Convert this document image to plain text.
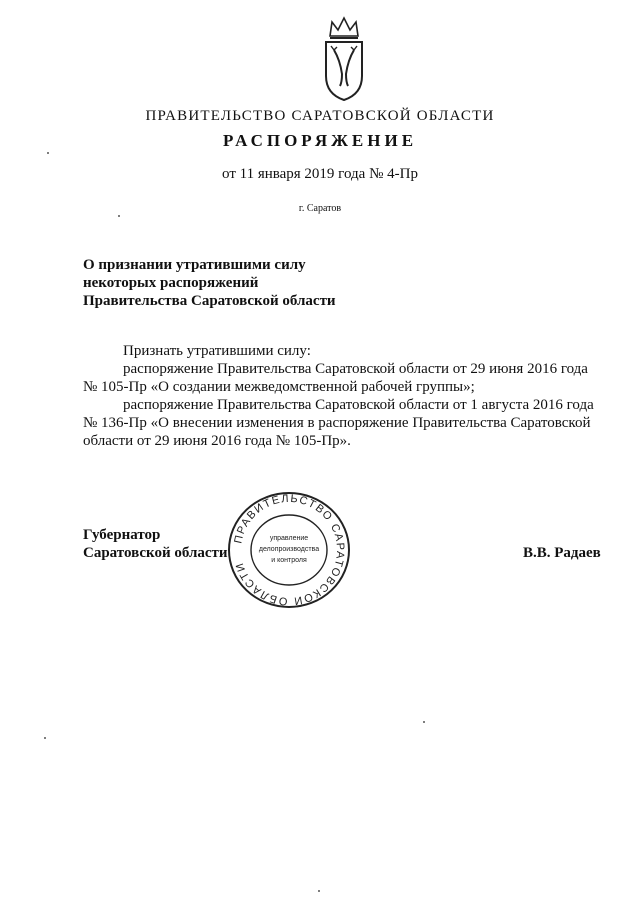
ПРАВИТЕЛЬСТВО САРАТОВСКОЙ ОБЛАСТИ
РАСПОРЯЖЕНИЕ
от 11 января 2019 года № 4-Пр
г. Саратов
О признании утратившими силу
некоторых распоряжений
Правительства Саратовской области
Признать утратившими силу:
распоряжение Правительства Саратовской области от 29 июня 2016 года
№ 105-Пр «О создании межведомственной рабочей группы»;
распоряжение Правительства Саратовской области от 1 августа 2016 года
№ 136-Пр «О внесении изменения в распоряжение Правительства Саратовской
области от 29 июня 2016 года № 105-Пр».
Губернатор
Саратовской области	В.В. Радаев
ПРАВИТЕЛЬСТВО САРАТОВСКОЙ ОБЛАСТИ
управление
делопроизводства
и контроля
